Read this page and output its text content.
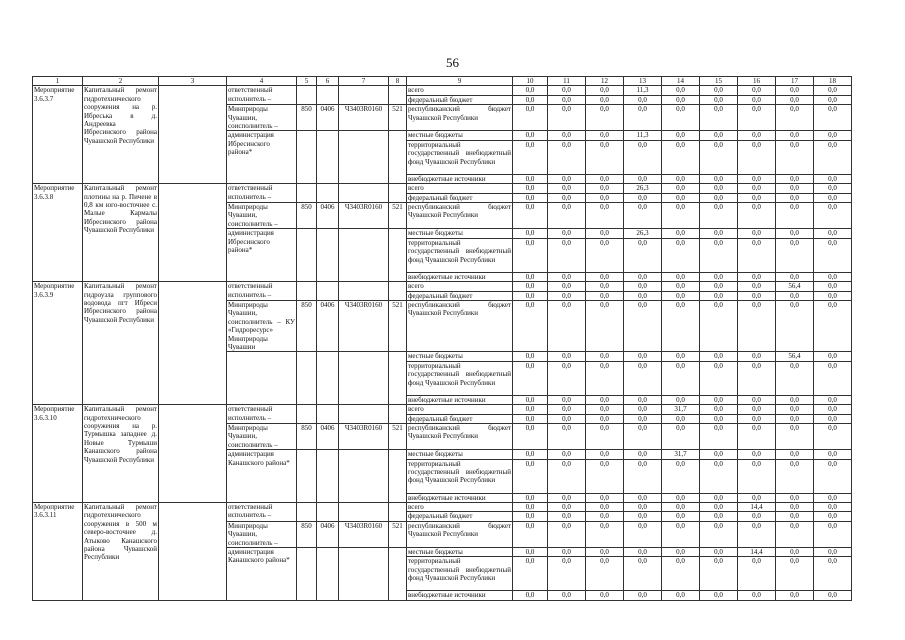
56
1	2	3	4	5	6	7	8	9	10	11	12	13	14	15	16	17	18
Мероприятие 3.6.3.7	Капитальный ремонт гидротехнического сооружения на р. Ибреська в д. Андреевка Ибресинского района Чувашской Республики		ответственный исполнитель –					всего	0,0	0,0	0,0	11,3	0,0	0,0	0,0	0,0	0,0
								федеральный бюджет	0,0	0,0	0,0	0,0	0,0	0,0	0,0	0,0	0,0
			Минприроды Чувашии, соисполнитель –	850	0406	Ч3403R0160	521	республиканский бюджет Чувашской Республики	0,0	0,0	0,0	0,0	0,0	0,0	0,0	0,0	0,0
			администрация Ибресинского района*					местные бюджеты	0,0	0,0	0,0	11,3	0,0	0,0	0,0	0,0	0,0
								территориальный государственный внебюджетный фонд Чувашской Республики	0,0	0,0	0,0	0,0	0,0	0,0	0,0	0,0	0,0
								внебюджетные источники	0,0	0,0	0,0	0,0	0,0	0,0	0,0	0,0	0,0
Мероприятие 3.6.3.8	Капитальный ремонт плотины на р. Пичене в 0,8 км юго-восточнее с. Малые Кармалы Ибресинского района Чувашской Республики		ответственный исполнитель –					всего	0,0	0,0	0,0	26,3	0,0	0,0	0,0	0,0	0,0
								федеральный бюджет	0,0	0,0	0,0	0,0	0,0	0,0	0,0	0,0	0,0
			Минприроды Чувашии, соисполнитель –	850	0406	Ч3403R0160	521	республиканский бюджет Чувашской Республики	0,0	0,0	0,0	0,0	0,0	0,0	0,0	0,0	0,0
			администрация Ибресинского района*					местные бюджеты	0,0	0,0	0,0	26,3	0,0	0,0	0,0	0,0	0,0
								территориальный государственный внебюджетный фонд Чувашской Республики	0,0	0,0	0,0	0,0	0,0	0,0	0,0	0,0	0,0
								внебюджетные источники	0,0	0,0	0,0	0,0	0,0	0,0	0,0	0,0	0,0
Мероприятие 3.6.3.9	Капитальный ремонт гидроузла группового водовода пгт Ибреси Ибресинского района Чувашской Республики		ответственный исполнитель –					всего	0,0	0,0	0,0	0,0	0,0	0,0	0,0	56,4	0,0
								федеральный бюджет	0,0	0,0	0,0	0,0	0,0	0,0	0,0	0,0	0,0
			Минприроды Чувашии, соисполнитель – КУ «Гидроресурс» Минприроды Чувашии	850	0406	Ч3403R0160	521	республиканский бюджет Чувашской Республики	0,0	0,0	0,0	0,0	0,0	0,0	0,0	0,0	0,0
								местные бюджеты	0,0	0,0	0,0	0,0	0,0	0,0	0,0	56,4	0,0
								территориальный государственный внебюджетный фонд Чувашской Республики	0,0	0,0	0,0	0,0	0,0	0,0	0,0	0,0	0,0
								внебюджетные источники	0,0	0,0	0,0	0,0	0,0	0,0	0,0	0,0	0,0
Мероприятие 3.6.3.10	Капитальный ремонт гидротехнического сооружения на р. Турмышка западнее д. Новые Турмыши Канашского района Чувашской Республики		ответственный исполнитель –					всего	0,0	0,0	0,0	0,0	31,7	0,0	0,0	0,0	0,0
								федеральный бюджет	0,0	0,0	0,0	0,0	0,0	0,0	0,0	0,0	0,0
			Минприроды Чувашии, соисполнитель –	850	0406	Ч3403R0160	521	республиканский бюджет Чувашской Республики	0,0	0,0	0,0	0,0	0,0	0,0	0,0	0,0	0,0
			администрация Канашского района*					местные бюджеты	0,0	0,0	0,0	0,0	31,7	0,0	0,0	0,0	0,0
								территориальный государственный внебюджетный фонд Чувашской Республики	0,0	0,0	0,0	0,0	0,0	0,0	0,0	0,0	0,0
								внебюджетные источники	0,0	0,0	0,0	0,0	0,0	0,0	0,0	0,0	0,0
Мероприятие 3.6.3.11	Капитальный ремонт гидротехнического сооружения в 500 м северо-восточнее д. Атыково Канашского района Чувашской Республики		ответственный исполнитель –					всего	0,0	0,0	0,0	0,0	0,0	0,0	14,4	0,0	0,0
								федеральный бюджет	0,0	0,0	0,0	0,0	0,0	0,0	0,0	0,0	0,0
			Минприроды Чувашии, соисполнитель –	850	0406	Ч3403R0160	521	республиканский бюджет Чувашской Республики	0,0	0,0	0,0	0,0	0,0	0,0	0,0	0,0	0,0
			администрация Канашского района*					местные бюджеты	0,0	0,0	0,0	0,0	0,0	0,0	14,4	0,0	0,0
								территориальный государственный внебюджетный фонд Чувашской Республики	0,0	0,0	0,0	0,0	0,0	0,0	0,0	0,0	0,0
								внебюджетные источники	0,0	0,0	0,0	0,0	0,0	0,0	0,0	0,0	0,0
